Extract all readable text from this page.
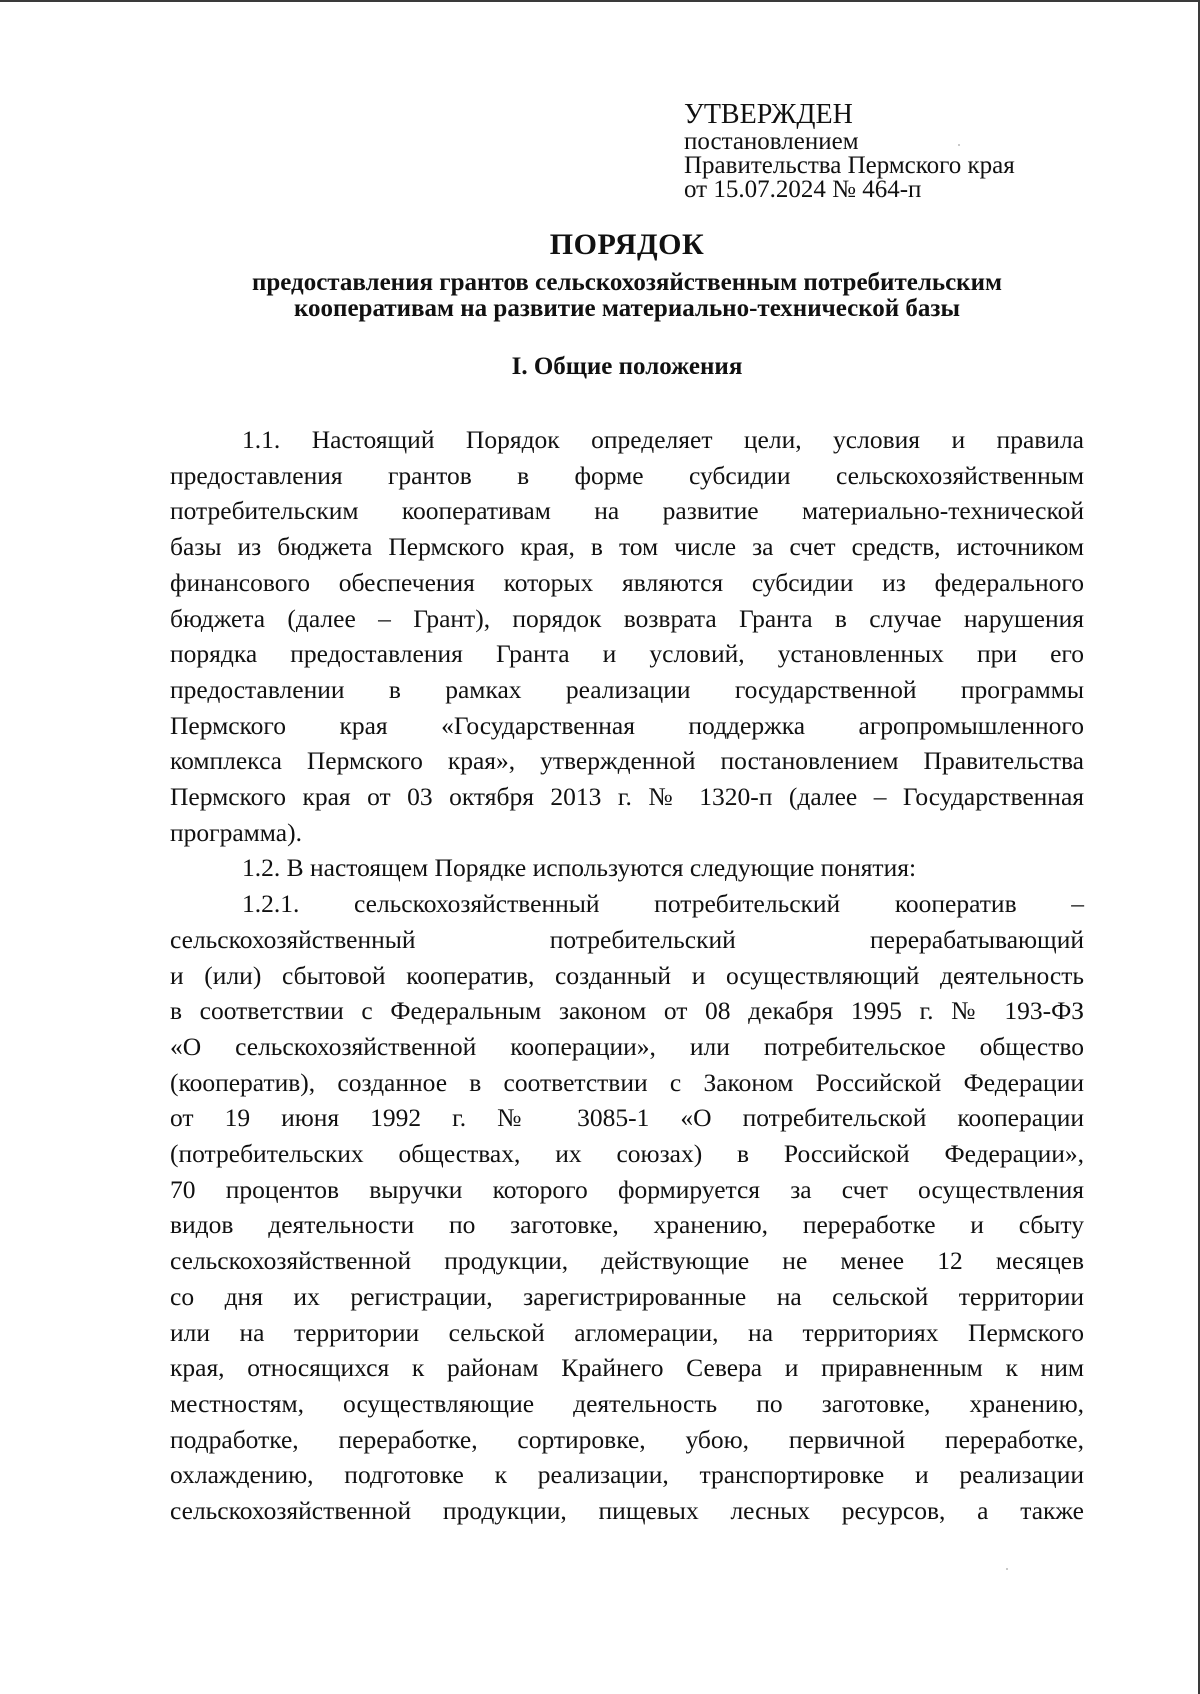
УТВЕРЖДЕН
постановлением
Правительства Пермского края
от 15.07.2024 № 464-п
ПОРЯДОК
предоставления грантов сельскохозяйственным потребительским
кооперативам на развитие материально-технической базы
I. Общие положения
1.1. Настоящий Порядок определяет цели, условия и правила
предоставления грантов в форме субсидии сельскохозяйственным
потребительским кооперативам на развитие материально-технической
базы из бюджета Пермского края, в том числе за счет средств, источником
финансового обеспечения которых являются субсидии из федерального
бюджета (далее – Грант), порядок возврата Гранта в случае нарушения
порядка предоставления Гранта и условий, установленных при его
предоставлении в рамках реализации государственной программы
Пермского края «Государственная поддержка агропромышленного
комплекса Пермского края», утвержденной постановлением Правительства
Пермского края от 03 октября 2013 г. № 1320-п (далее – Государственная
программа).
1.2. В настоящем Порядке используются следующие понятия:
1.2.1. сельскохозяйственный потребительский кооператив –
сельскохозяйственный потребительский перерабатывающий
и (или) сбытовой кооператив, созданный и осуществляющий деятельность
в соответствии с Федеральным законом от 08 декабря 1995 г. № 193-ФЗ
«О сельскохозяйственной кооперации», или потребительское общество
(кооператив), созданное в соответствии с Законом Российской Федерации
от 19 июня 1992 г. № 3085-1 «О потребительской кооперации
(потребительских обществах, их союзах) в Российской Федерации»,
70 процентов выручки которого формируется за счет осуществления
видов деятельности по заготовке, хранению, переработке и сбыту
сельскохозяйственной продукции, действующие не менее 12 месяцев
со дня их регистрации, зарегистрированные на сельской территории
или на территории сельской агломерации, на территориях Пермского
края, относящихся к районам Крайнего Севера и приравненным к ним
местностям, осуществляющие деятельность по заготовке, хранению,
подработке, переработке, сортировке, убою, первичной переработке,
охлаждению, подготовке к реализации, транспортировке и реализации
сельскохозяйственной продукции, пищевых лесных ресурсов, а также
